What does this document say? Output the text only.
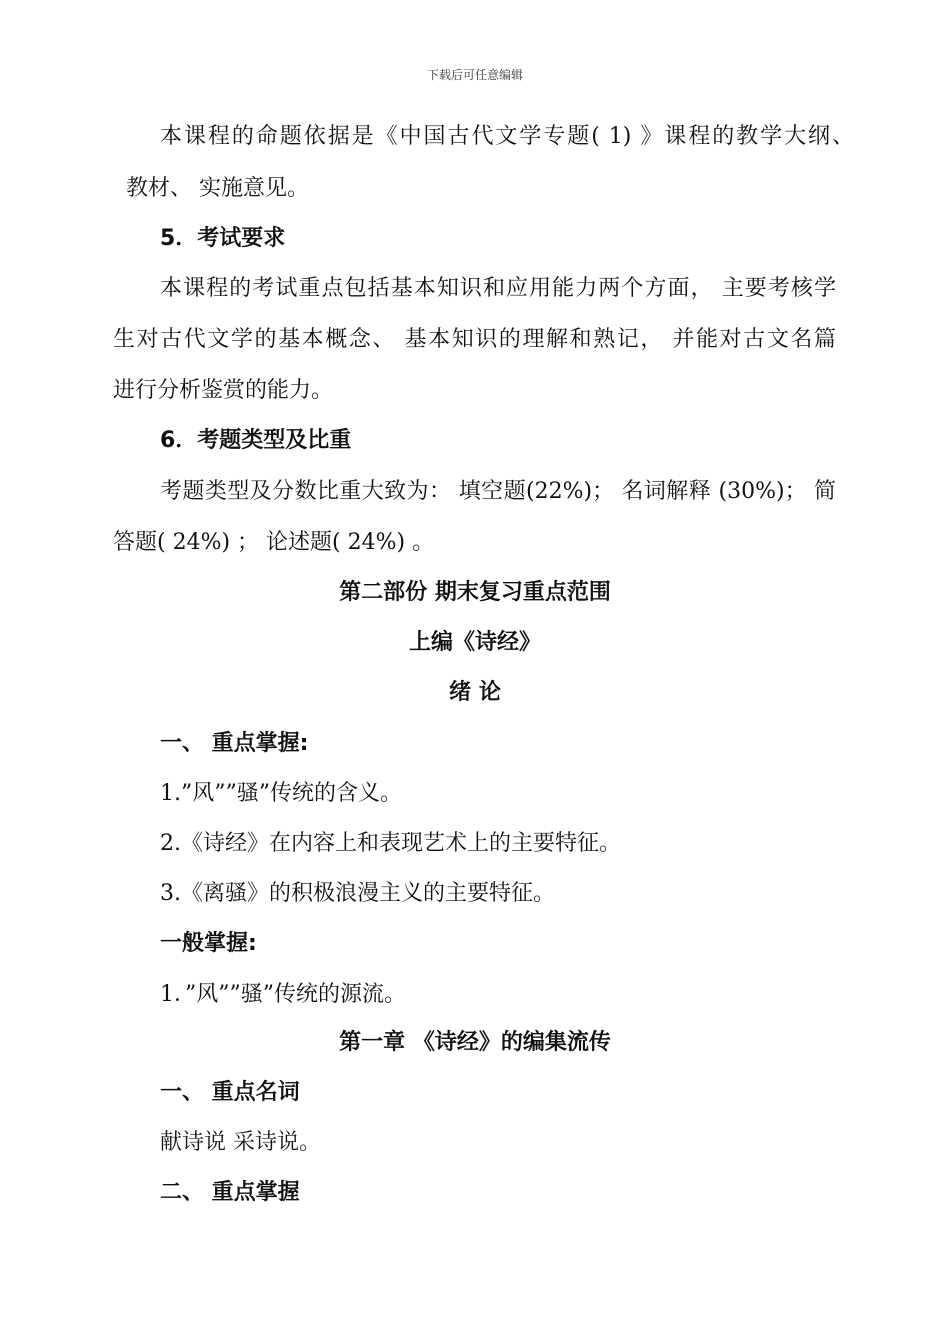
下载后可任意编辑
本课程的命题依据是《中国古代文学专题( 1) 》课程的教学大纲、
教材、 实施意见。
5．考试要求
本课程的考试重点包括基本知识和应用能力两个方面， 主要考核学
生对古代文学的基本概念、 基本知识的理解和熟记， 并能对古文名篇
进行分析鉴赏的能力。
6．考题类型及比重
考题类型及分数比重大致为： 填空题(22%)； 名词解释 (30%)； 简
答题( 24%) ； 论述题( 24%) 。
第二部份 期末复习重点范围
上编《诗经》
绪 论
一、 重点掌握:
1.”风””骚”传统的含义。
2.《诗经》在内容上和表现艺术上的主要特征。
3.《离骚》的积极浪漫主义的主要特征。
一般掌握:
1．”风””骚”传统的源流。
第一章 《诗经》的编集流传
一、 重点名词
献诗说 采诗说。
二、 重点掌握
